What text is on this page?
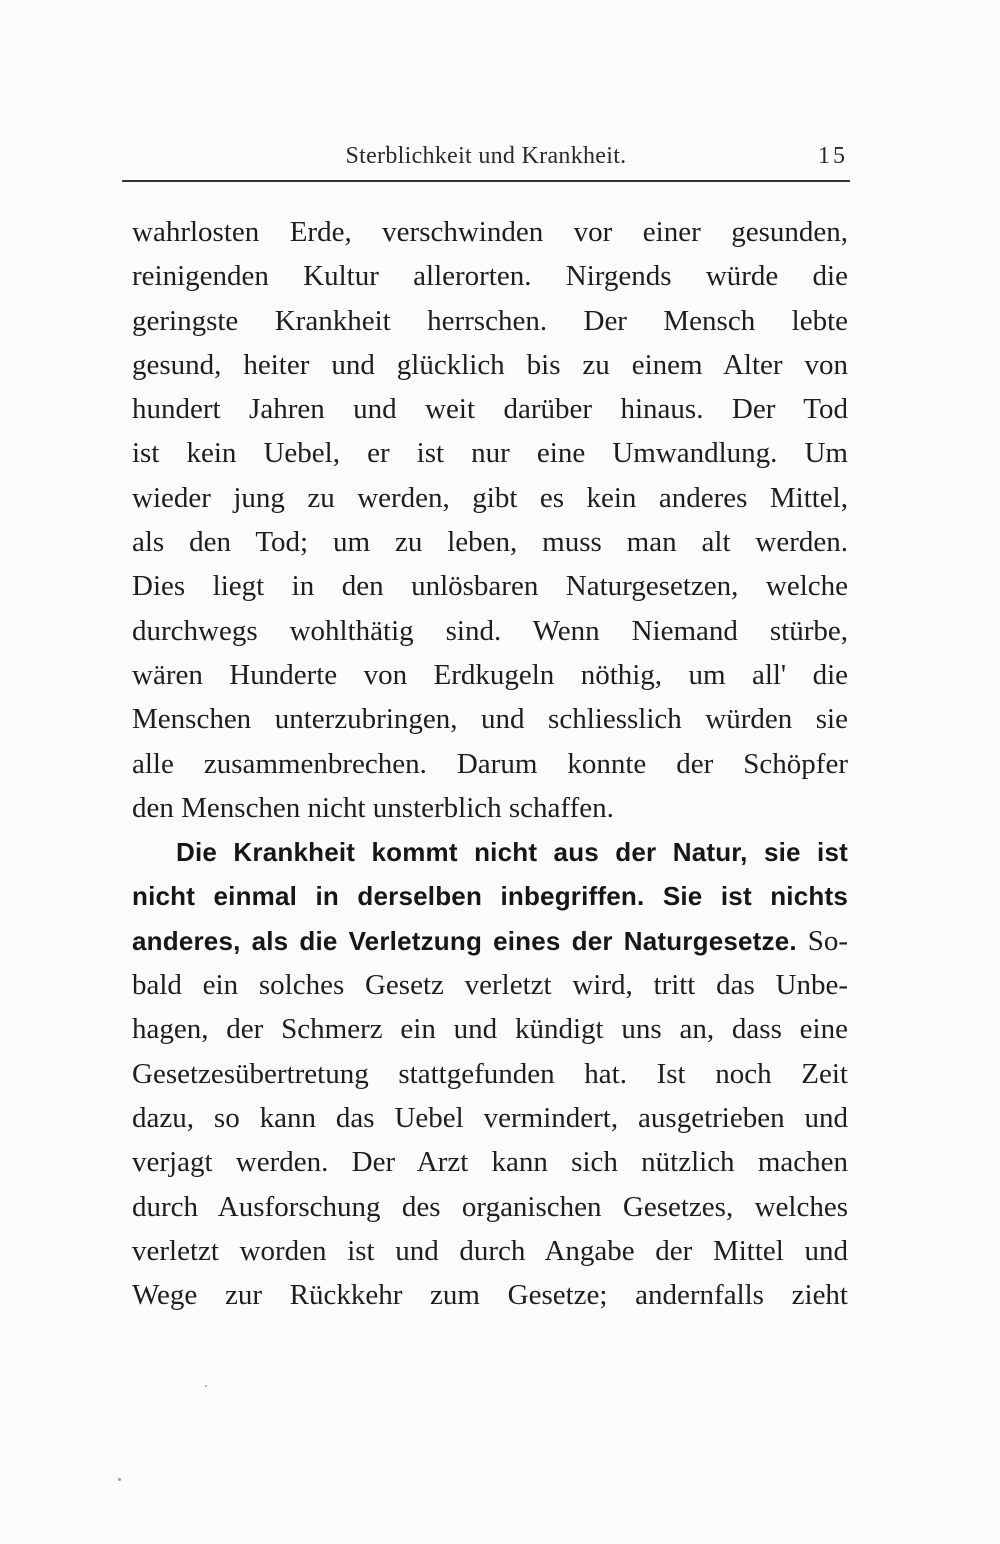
Sterblichkeit und Krankheit.	15
wahrlosten Erde, verschwinden vor einer gesunden,
reinigenden Kultur allerorten. Nirgends würde die
geringste Krankheit herrschen. Der Mensch lebte
gesund, heiter und glücklich bis zu einem Alter von
hundert Jahren und weit darüber hinaus. Der Tod
ist kein Uebel, er ist nur eine Umwandlung. Um
wieder jung zu werden, gibt es kein anderes Mittel,
als den Tod; um zu leben, muss man alt werden.
Dies liegt in den unlösbaren Naturgesetzen, welche
durchwegs wohlthätig sind. Wenn Niemand stürbe,
wären Hunderte von Erdkugeln nöthig, um all' die
Menschen unterzubringen, und schliesslich würden sie
alle zusammenbrechen. Darum konnte der Schöpfer
den Menschen nicht unsterblich schaffen.
Die Krankheit kommt nicht aus der Natur, sie ist
nicht einmal in derselben inbegriffen. Sie ist nichts
anderes, als die Verletzung eines der Naturgesetze. So-
bald ein solches Gesetz verletzt wird, tritt das Unbe-
hagen, der Schmerz ein und kündigt uns an, dass eine
Gesetzesübertretung stattgefunden hat. Ist noch Zeit
dazu, so kann das Uebel vermindert, ausgetrieben und
verjagt werden. Der Arzt kann sich nützlich machen
durch Ausforschung des organischen Gesetzes, welches
verletzt worden ist und durch Angabe der Mittel und
Wege zur Rückkehr zum Gesetze; andernfalls zieht
